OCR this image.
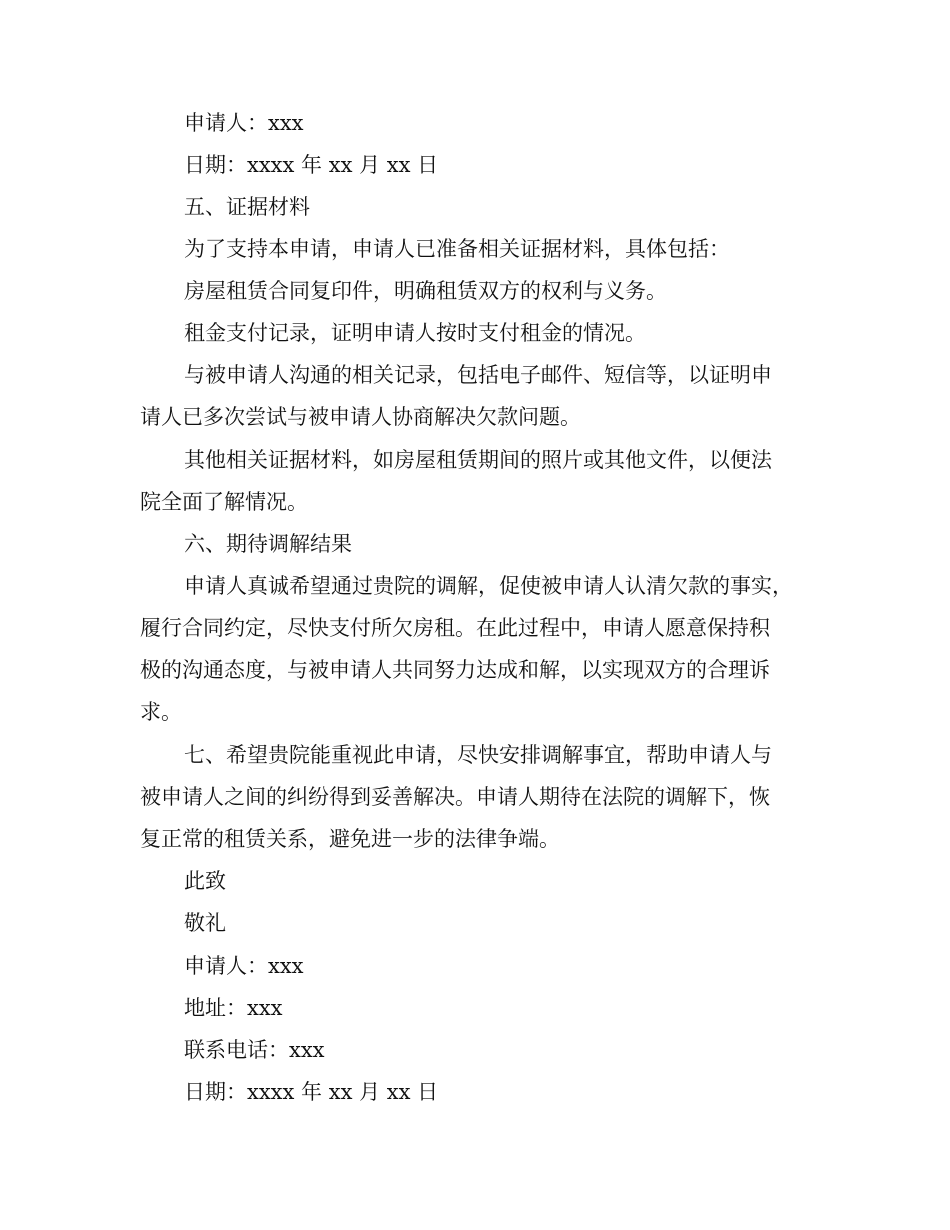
申请人：xxx

日期：xxxx 年 xx 月 xx 日

五、证据材料

为了支持本申请，申请人已准备相关证据材料，具体包括：

房屋租赁合同复印件，明确租赁双方的权利与义务。

租金支付记录，证明申请人按时支付租金的情况。

与被申请人沟通的相关记录，包括电子邮件、短信等，以证明申

请人已多次尝试与被申请人协商解决欠款问题。

其他相关证据材料，如房屋租赁期间的照片或其他文件，以便法

院全面了解情况。

六、期待调解结果

申请人真诚希望通过贵院的调解，促使被申请人认清欠款的事实，

履行合同约定，尽快支付所欠房租。在此过程中，申请人愿意保持积

极的沟通态度，与被申请人共同努力达成和解，以实现双方的合理诉

求。

七、希望贵院能重视此申请，尽快安排调解事宜，帮助申请人与

被申请人之间的纠纷得到妥善解决。申请人期待在法院的调解下，恢

复正常的租赁关系，避免进一步的法律争端。

此致

敬礼

申请人：xxx

地址：xxx

联系电话：xxx

日期：xxxx 年 xx 月 xx 日
